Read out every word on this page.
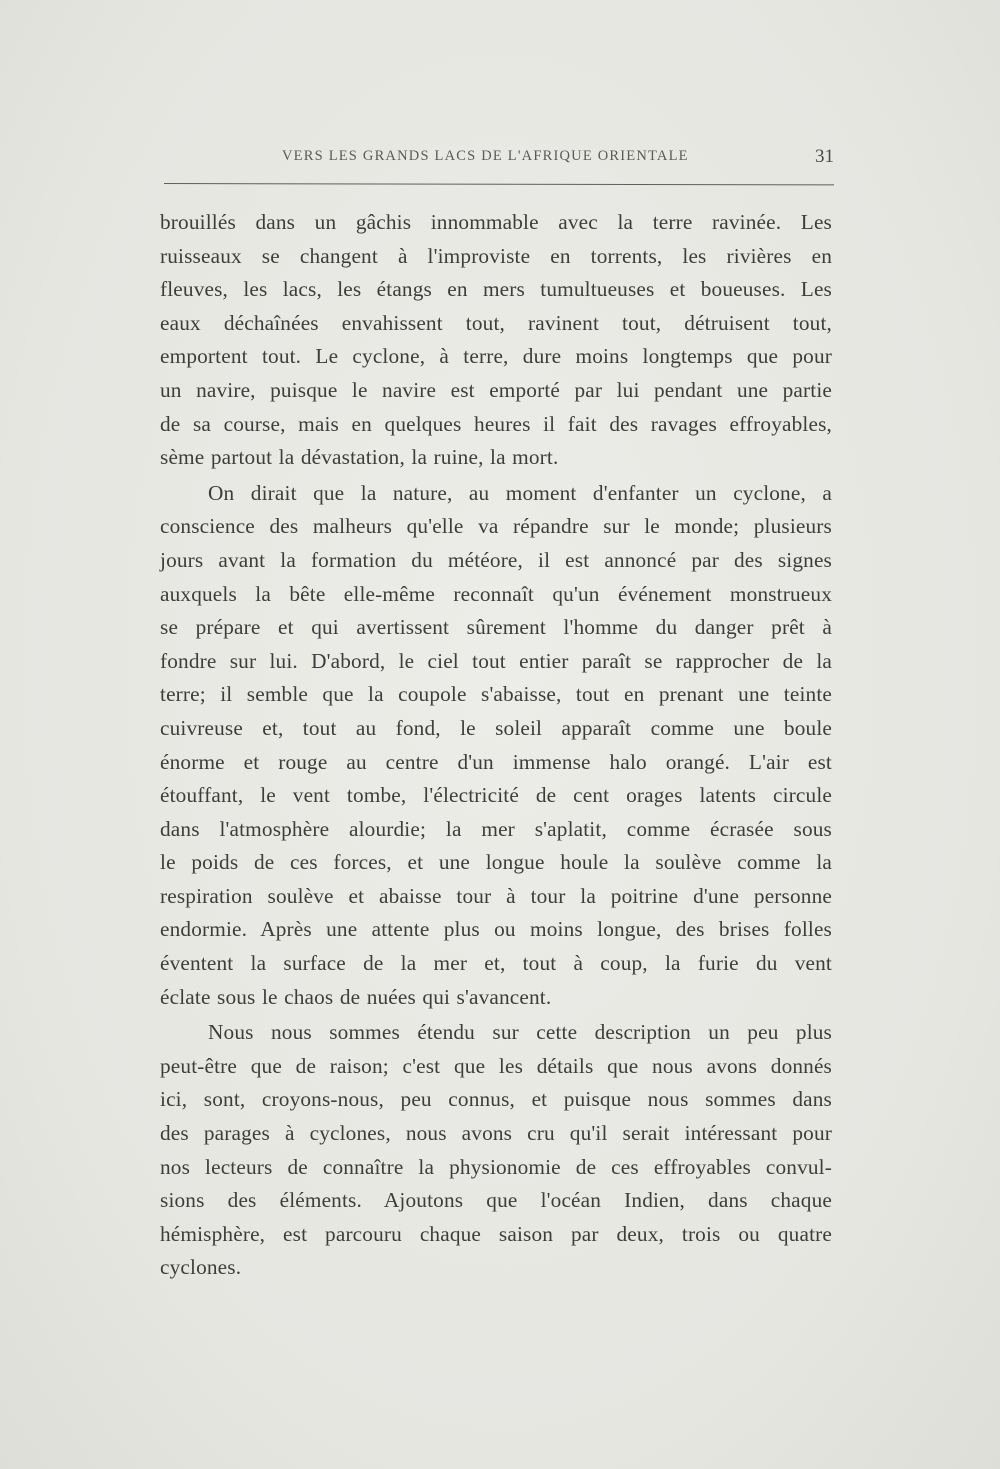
VERS LES GRANDS LACS DE L'AFRIQUE ORIENTALE	31

brouillés dans un gâchis innommable avec la terre ravinée. Les
ruisseaux se changent à l'improviste en torrents, les rivières en
fleuves, les lacs, les étangs en mers tumultueuses et boueuses. Les
eaux déchaînées envahissent tout, ravinent tout, détruisent tout,
emportent tout. Le cyclone, à terre, dure moins longtemps que pour
un navire, puisque le navire est emporté par lui pendant une partie
de sa course, mais en quelques heures il fait des ravages effroyables,
sème partout la dévastation, la ruine, la mort.

On dirait que la nature, au moment d'enfanter un cyclone, a
conscience des malheurs qu'elle va répandre sur le monde; plusieurs
jours avant la formation du météore, il est annoncé par des signes
auxquels la bête elle-même reconnaît qu'un événement monstrueux
se prépare et qui avertissent sûrement l'homme du danger prêt à
fondre sur lui. D'abord, le ciel tout entier paraît se rapprocher de la
terre; il semble que la coupole s'abaisse, tout en prenant une teinte
cuivreuse et, tout au fond, le soleil apparaît comme une boule
énorme et rouge au centre d'un immense halo orangé. L'air est
étouffant, le vent tombe, l'électricité de cent orages latents circule
dans l'atmosphère alourdie; la mer s'aplatit, comme écrasée sous
le poids de ces forces, et une longue houle la soulève comme la
respiration soulève et abaisse tour à tour la poitrine d'une personne
endormie. Après une attente plus ou moins longue, des brises folles
éventent la surface de la mer et, tout à coup, la furie du vent
éclate sous le chaos de nuées qui s'avancent.

Nous nous sommes étendu sur cette description un peu plus
peut-être que de raison; c'est que les détails que nous avons donnés
ici, sont, croyons-nous, peu connus, et puisque nous sommes dans
des parages à cyclones, nous avons cru qu'il serait intéressant pour
nos lecteurs de connaître la physionomie de ces effroyables convul-
sions des éléments. Ajoutons que l'océan Indien, dans chaque
hémisphère, est parcouru chaque saison par deux, trois ou quatre
cyclones.
